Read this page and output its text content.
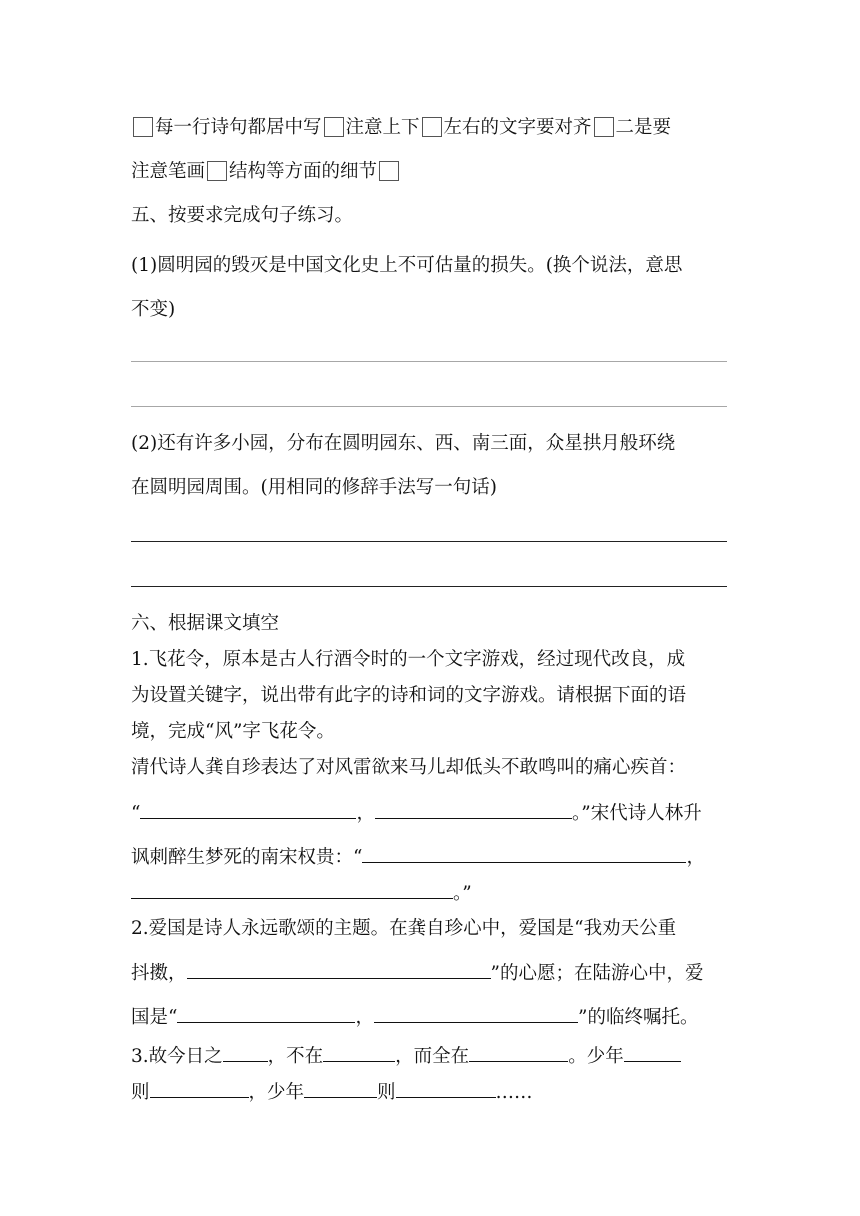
每一行诗句都居中写 注意上下 左右的文字要对齐 二是要
注意笔画 结构等方面的细节
五、按要求完成句子练习。
(1)圆明园的毁灭是中国文化史上不可估量的损失。(换个说法，意思
不变)
(2)还有许多小园，分布在圆明园东、西、南三面，众星拱月般环绕
在圆明园周围。(用相同的修辞手法写一句话)
六、根据课文填空
1.飞花令，原本是古人行酒令时的一个文字游戏，经过现代改良，成
为设置关键字，说出带有此字的诗和词的文字游戏。请根据下面的语
境，完成“风”字飞花令。
清代诗人龚自珍表达了对风雷欲来马儿却低头不敢鸣叫的痛心疾首：
“	，	。”宋代诗人林升
讽刺醉生梦死的南宋权贵：“	，
。”
2.爱国是诗人永远歌颂的主题。在龚自珍心中，爱国是“我劝天公重
抖擞，	”的心愿；在陆游心中，爱
国是“	，	”的临终嘱托。
3.故今日之 ，不在	，而全在	。少年
则	，少年	则	……
